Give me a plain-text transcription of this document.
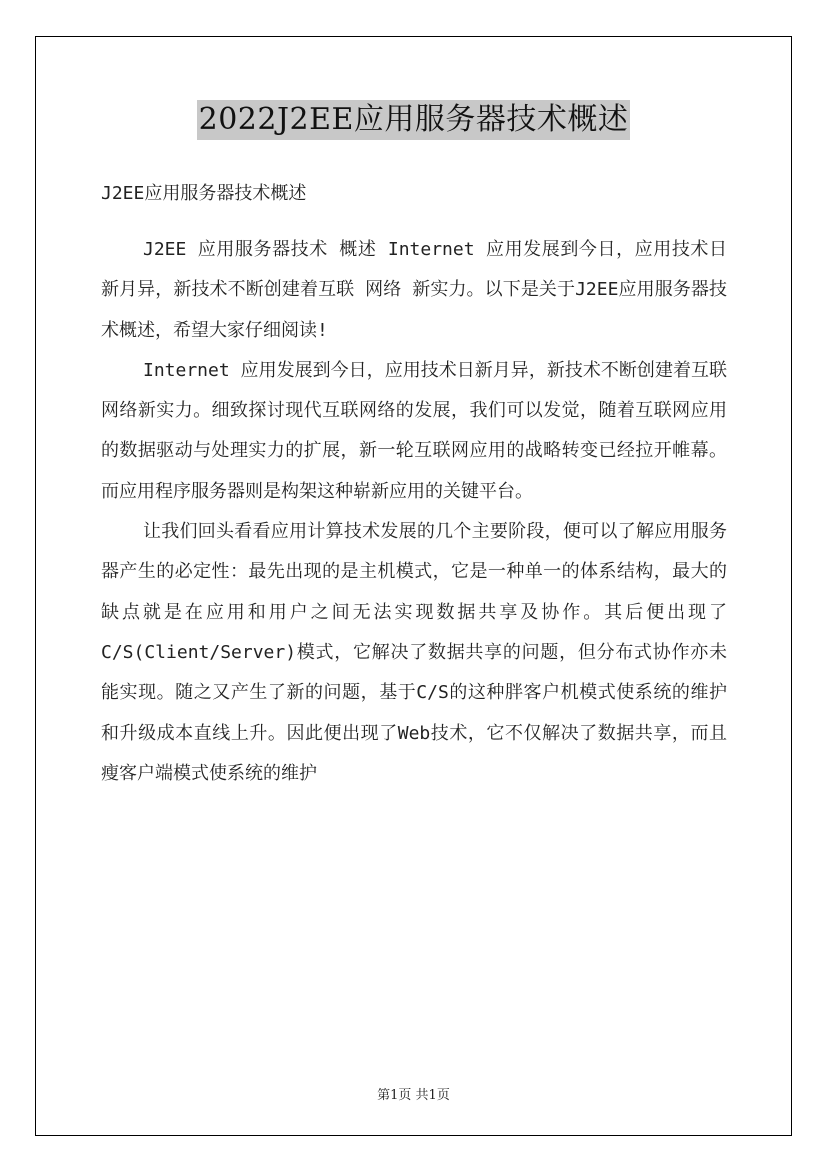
2022J2EE应用服务器技术概述
J2EE应用服务器技术概述

J2EE 应用服务器技术 概述 Internet 应用发展到今日，应用技术日新月异，新技术不断创建着互联 网络 新实力。以下是关于J2EE应用服务器技术概述，希望大家仔细阅读!

Internet 应用发展到今日，应用技术日新月异，新技术不断创建着互联网络新实力。细致探讨现代互联网络的发展，我们可以发觉，随着互联网应用的数据驱动与处理实力的扩展，新一轮互联网应用的战略转变已经拉开帷幕。而应用程序服务器则是构架这种崭新应用的关键平台。

让我们回头看看应用计算技术发展的几个主要阶段，便可以了解应用服务器产生的必定性：最先出现的是主机模式，它是一种单一的体系结构，最大的缺点就是在应用和用户之间无法实现数据共享及协作。其后便出现了C/S(Client/Server)模式，它解决了数据共享的问题，但分布式协作亦未能实现。随之又产生了新的问题，基于C/S的这种胖客户机模式使系统的维护和升级成本直线上升。因此便出现了Web技术，它不仅解决了数据共享，而且瘦客户端模式使系统的维护

第1页 共1页
